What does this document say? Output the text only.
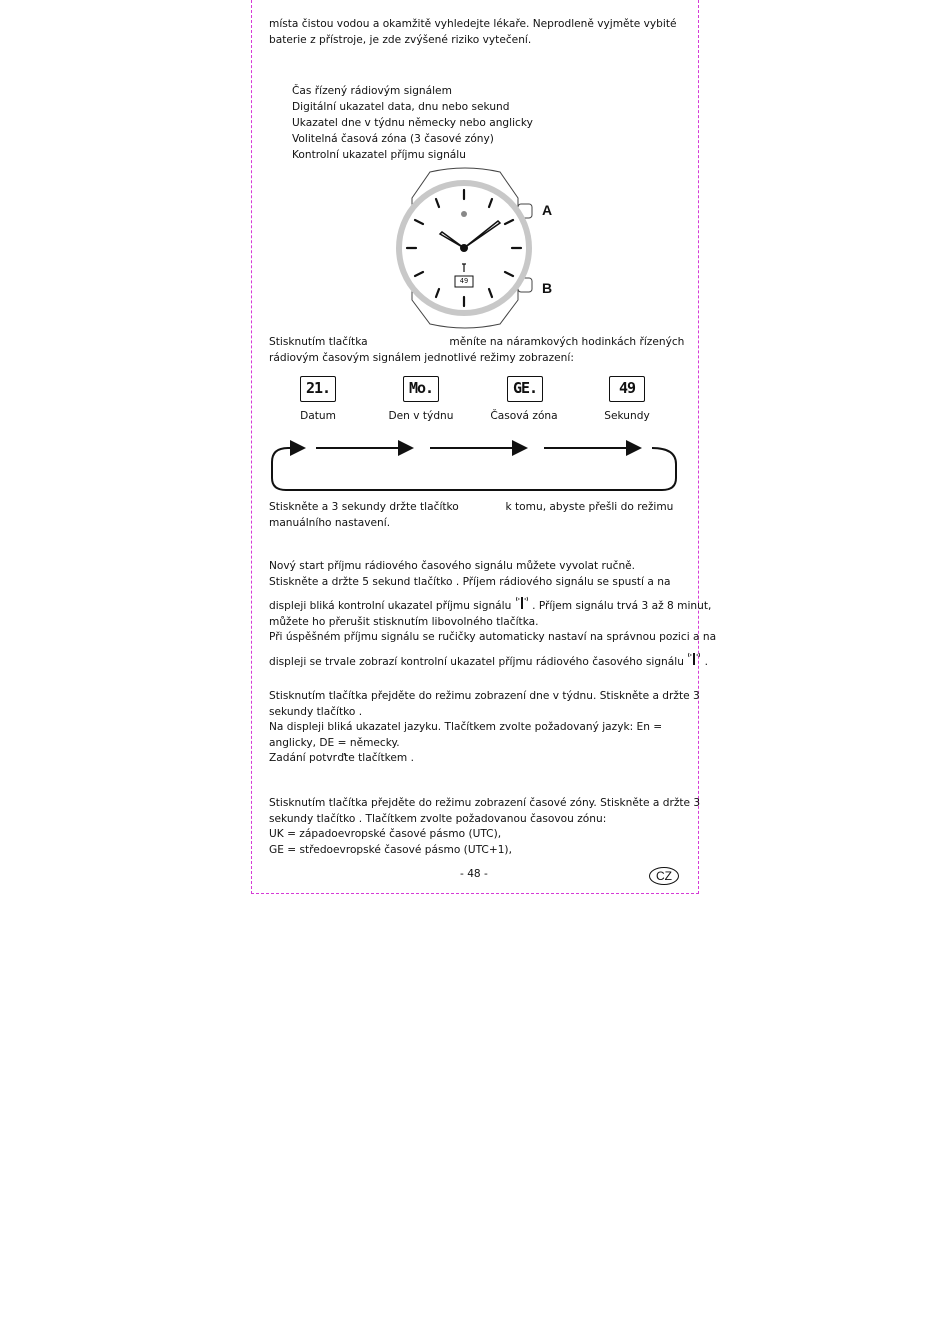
místa čistou vodou a okamžitě vyhledejte lékaře. Neprodleně vyjměte vybité
baterie z přístroje, je zde zvýšené riziko vytečení.
Čas řízený rádiovým signálem
Digitální ukazatel data, dnu nebo sekund
Ukazatel dne v týdnu německy nebo anglicky
Volitelná časová zóna (3 časové zóny)
Kontrolní ukazatel příjmu signálu
A
B
49
Stisknutím tlačítka	měníte na náramkových hodinkách řízených
rádiovým časovým signálem jednotlivé režimy zobrazení:
21.	Mo.	GE.	49
Datum	Den v týdnu	Časová zóna	Sekundy
Stiskněte a 3 sekundy držte tlačítko	k tomu, abyste přešli do režimu
manuálního nastavení.
Nový start příjmu rádiového časového signálu můžete vyvolat ručně.
Stiskněte a držte 5 sekund tlačítko . Příjem rádiového signálu se spustí a na
displeji bliká kontrolní ukazatel příjmu signálu . Příjem signálu trvá 3 až 8 minut,
můžete ho přerušit stisknutím libovolného tlačítka.
Při úspěšném příjmu signálu se ručičky automaticky nastaví na správnou pozici a na
displeji se trvale zobrazí kontrolní ukazatel příjmu rádiového časového signálu .
Stisknutím tlačítka přejděte do režimu zobrazení dne v týdnu. Stiskněte a držte 3
sekundy tlačítko .
Na displeji bliká ukazatel jazyku. Tlačítkem zvolte požadovaný jazyk: En =
anglicky, DE = německy.
Zadání potvrďte tlačítkem .
Stisknutím tlačítka přejděte do režimu zobrazení časové zóny. Stiskněte a držte 3
sekundy tlačítko . Tlačítkem zvolte požadovanou časovou zónu:
UK = západoevropské časové pásmo (UTC),
GE = středoevropské časové pásmo (UTC+1),
- 48 -	CZ
